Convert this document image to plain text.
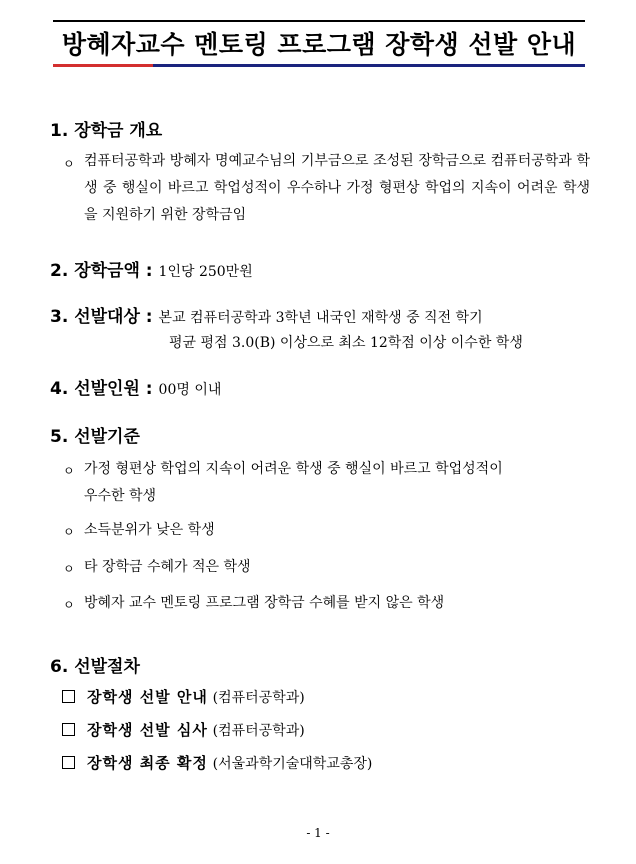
방혜자교수 멘토링 프로그램 장학생 선발 안내
1. 장학금 개요
ㅇ 컴퓨터공학과 방혜자 명예교수님의 기부금으로 조성된 장학금으로 컴퓨터공학과 학생 중 행실이 바르고 학업성적이 우수하나 가정 형편상 학업의 지속이 어려운 학생을 지원하기 위한 장학금임
2. 장학금액 : 1인당 250만원
3. 선발대상 : 본교 컴퓨터공학과 3학년 내국인 재학생 중 직전 학기
평균 평점 3.0(B) 이상으로 최소 12학점 이상 이수한 학생
4. 선발인원 : 00명 이내
5. 선발기준
ㅇ 가정 형편상 학업의 지속이 어려운 학생 중 행실이 바르고 학업성적이
우수한 학생
ㅇ 소득분위가 낮은 학생
ㅇ 타 장학금 수혜가 적은 학생
ㅇ 방혜자 교수 멘토링 프로그램 장학금 수혜를 받지 않은 학생
6. 선발절차
장학생 선발 안내 (컴퓨터공학과)
장학생 선발 심사 (컴퓨터공학과)
장학생 최종 확정 (서울과학기술대학교총장)
- 1 -
